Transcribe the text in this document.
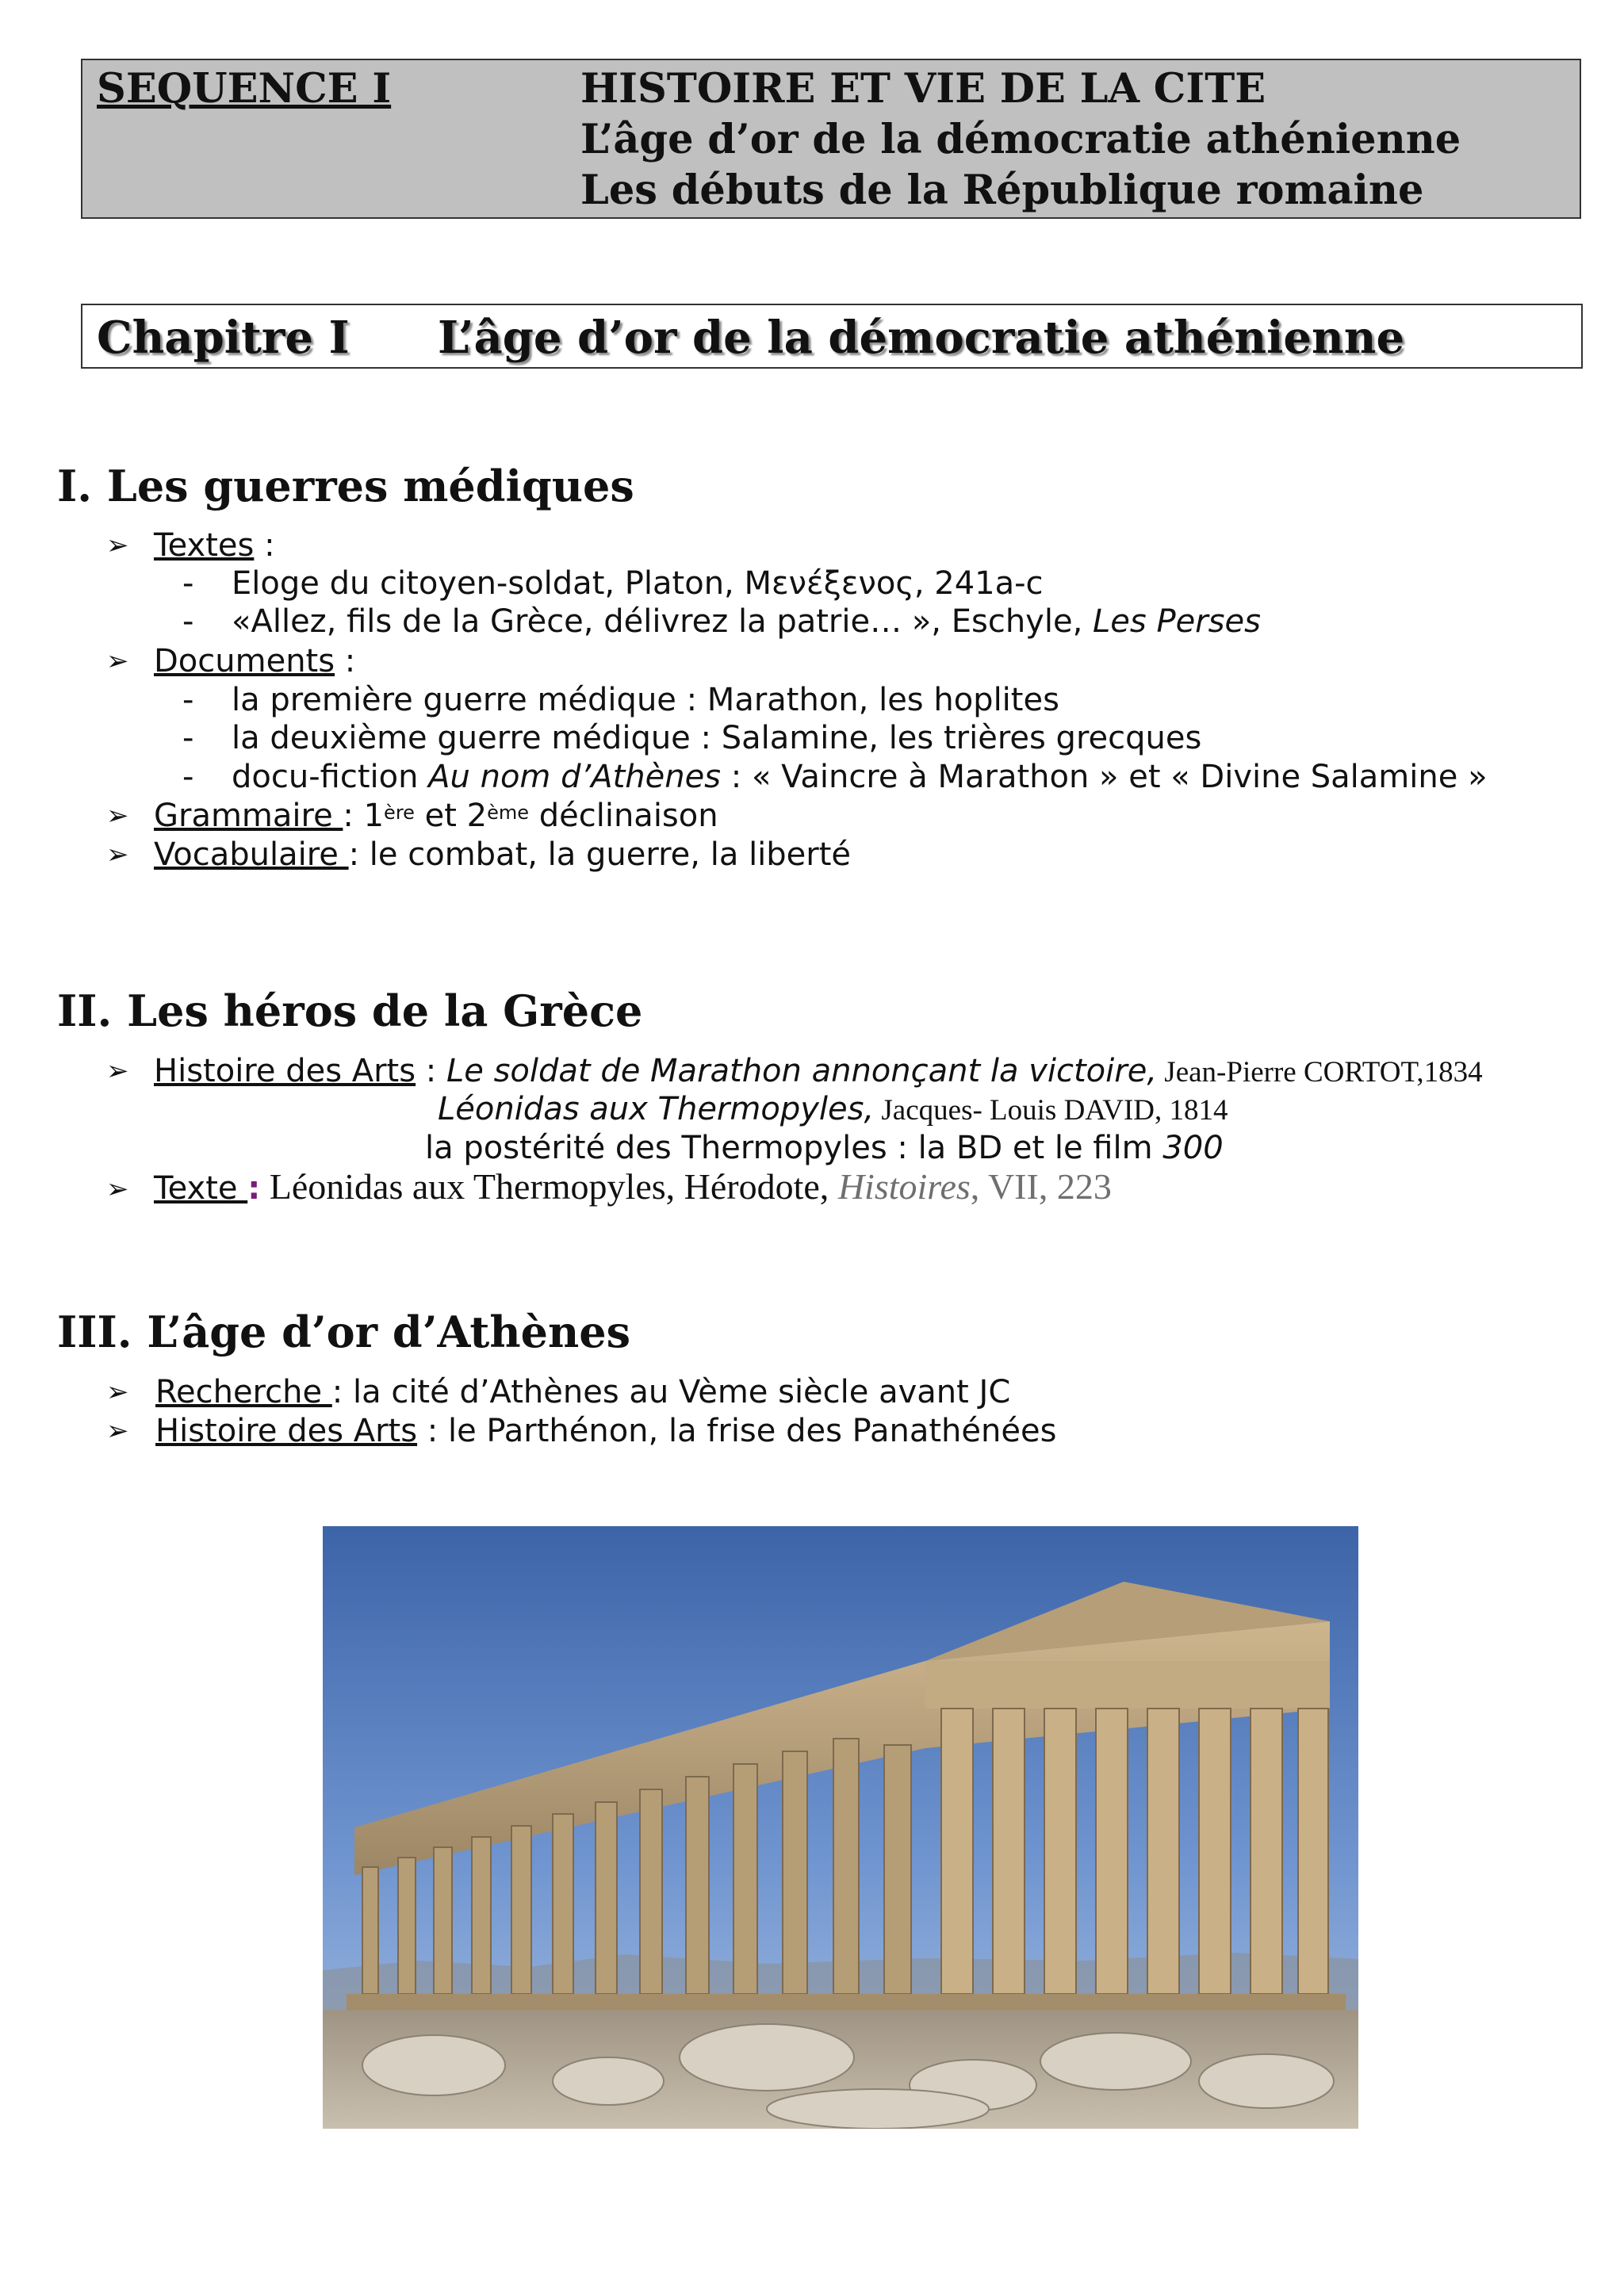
SEQUENCE I	HISTOIRE ET VIE DE LA CITE
L’âge d’or de la démocratie athénienne
Les débuts de la République romaine
Chapitre I L’âge d’or de la démocratie athénienne
I. Les guerres médiques
➢ Textes :
- Eloge du citoyen-soldat, Platon, Μενέξενος, 241a-c
- «Allez, fils de la Grèce, délivrez la patrie… », Eschyle, Les Perses
➢ Documents :
- la première guerre médique : Marathon, les hoplites
- la deuxième guerre médique : Salamine, les trières grecques
- docu-fiction Au nom d’Athènes : « Vaincre à Marathon » et « Divine Salamine »
➢ Grammaire : 1ère et 2ème déclinaison
➢ Vocabulaire : le combat, la guerre, la liberté
II. Les héros de la Grèce
➢ Histoire des Arts : Le soldat de Marathon annonçant la victoire, Jean-Pierre CORTOT,1834
Léonidas aux Thermopyles, Jacques- Louis DAVID, 1814
la postérité des Thermopyles : la BD et le film 300
➢ Texte : Léonidas aux Thermopyles, Hérodote, Histoires, VII, 223
III. L’âge d’or d’Athènes
➢ Recherche : la cité d’Athènes au Vème siècle avant JC
➢ Histoire des Arts : le Parthénon, la frise des Panathénées
